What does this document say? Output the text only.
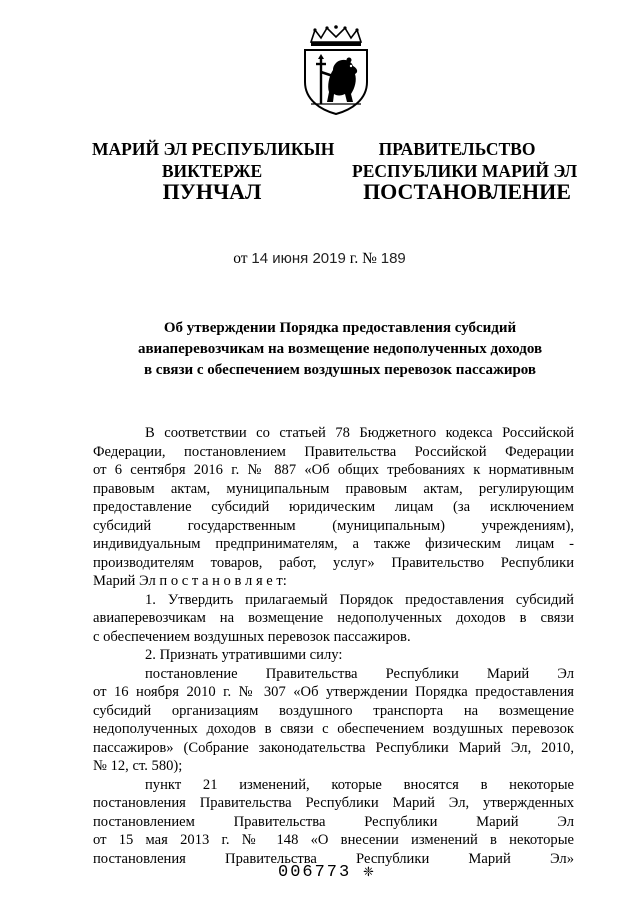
МАРИЙ ЭЛ РЕСПУБЛИКЫН
ВИКТЕРЖЕ
ПУНЧАЛ
ПРАВИТЕЛЬСТВО
РЕСПУБЛИКИ МАРИЙ ЭЛ
ПОСТАНОВЛЕНИЕ
от 14 июня 2019 г. № 189
Об утверждении Порядка предоставления субсидий
авиаперевозчикам на возмещение недополученных доходов
в связи с обеспечением воздушных перевозок пассажиров
В соответствии со статьей 78 Бюджетного кодекса Российской
Федерации, постановлением Правительства Российской Федерации
от 6 сентября 2016 г. № 887 «Об общих требованиях к нормативным
правовым актам, муниципальным правовым актам, регулирующим
предоставление субсидий юридическим лицам (за исключением
субсидий государственным (муниципальным) учреждениям),
индивидуальным предпринимателям, а также физическим лицам -
производителям товаров, работ, услуг» Правительство Республики
Марий Эл п о с т а н о в л я е т:
1. Утвердить прилагаемый Порядок предоставления субсидий
авиаперевозчикам на возмещение недополученных доходов в связи
с обеспечением воздушных перевозок пассажиров.
2. Признать утратившими силу:
постановление Правительства Республики Марий Эл
от 16 ноября 2010 г. № 307 «Об утверждении Порядка предоставления
субсидий организациям воздушного транспорта на возмещение
недополученных доходов в связи с обеспечением воздушных перевозок
пассажиров» (Собрание законодательства Республики Марий Эл, 2010,
№ 12, ст. 580);
пункт 21 изменений, которые вносятся в некоторые
постановления Правительства Республики Марий Эл, утвержденных
постановлением Правительства Республики Марий Эл
от 15 мая 2013 г. № 148 «О внесении изменений в некоторые
постановления Правительства Республики Марий Эл»
006773 ❈
